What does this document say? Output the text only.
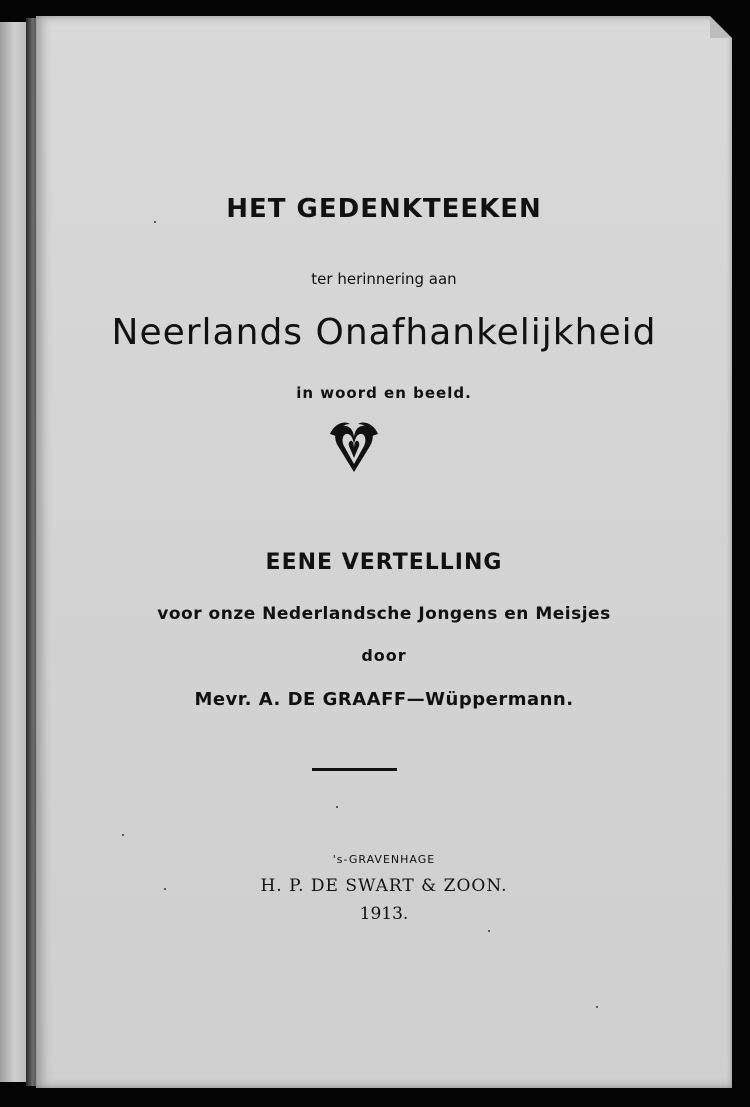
HET GEDENKTEEKEN
ter herinnering aan
Neerlands Onafhankelijkheid
in woord en beeld.
EENE VERTELLING
voor onze Nederlandsche Jongens en Meisjes
door
Mevr. A. DE GRAAFF—Wüppermann.
's-GRAVENHAGE
H. P. DE SWART & ZOON.
1913.
